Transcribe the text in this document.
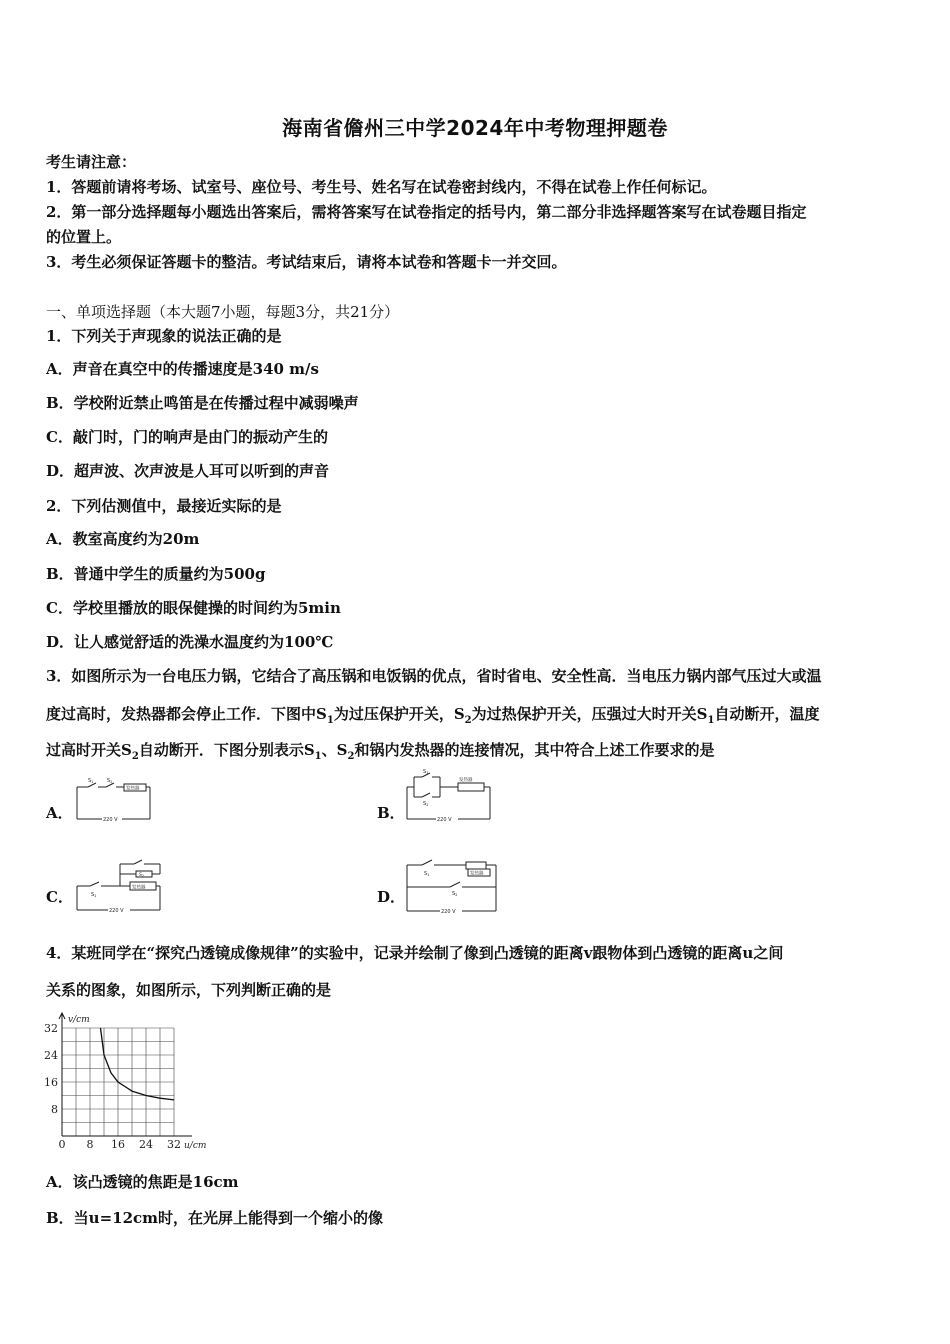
海南省儋州三中学2024年中考物理押题卷
考生请注意：
1．答题前请将考场、试室号、座位号、考生号、姓名写在试卷密封线内，不得在试卷上作任何标记。
2．第一部分选择题每小题选出答案后，需将答案写在试卷指定的括号内，第二部分非选择题答案写在试卷题目指定
的位置上。
3．考生必须保证答题卡的整洁。考试结束后，请将本试卷和答题卡一并交回。
一、单项选择题（本大题7小题，每题3分，共21分）
1．下列关于声现象的说法正确的是
A．声音在真空中的传播速度是340 m/s
B．学校附近禁止鸣笛是在传播过程中减弱噪声
C．敲门时，门的响声是由门的振动产生的
D．超声波、次声波是人耳可以听到的声音
2．下列估测值中，最接近实际的是
A．教室高度约为20m
B．普通中学生的质量约为500g
C．学校里播放的眼保健操的时间约为5min
D．让人感觉舒适的洗澡水温度约为100℃
3．如图所示为一台电压力锅，它结合了高压锅和电饭锅的优点，省时省电、安全性高．当电压力锅内部气压过大或温
度过高时，发热器都会停止工作．下图中$S_1$为过压保护开关，$S_2$为过热保护开关，压强过大时开关$S_1$自动断开，温度
过高时开关$S_2$自动断开．下图分别表示$S_1$、$S_2$和锅内发热器的连接情况，其中符合上述工作要求的是
A．
$S_1$	$S_2$
发热器
220 V	B．
$S_1$
$S_2$
发热器
220 V
C．	$S_1$
$S_2$
发热器
220 V
D．
$S_1$
$S_2$
发热器
220 V
4．某班同学在“探究凸透镜成像规律”的实验中，记录并绘制了像到凸透镜的距离v跟物体到凸透镜的距离u之间
关系的图象，如图所示，下列判断正确的是
0 8 16 24 32
8
16
24
32
u/cm
v/cm
A．该凸透镜的焦距是16cm
B．当u=12cm时，在光屏上能得到一个缩小的像
